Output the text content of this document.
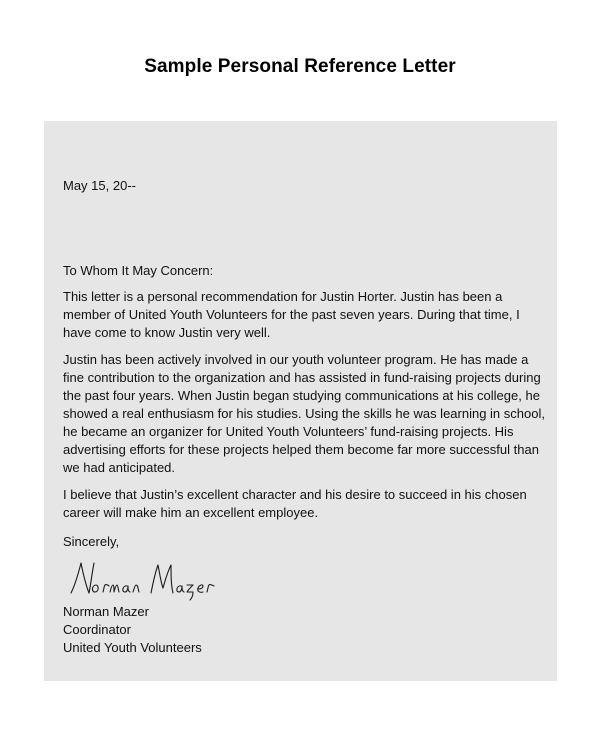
Sample Personal Reference Letter

May 15, 20--

To Whom It May Concern:

This letter is a personal recommendation for Justin Horter. Justin has been a member of United Youth Volunteers for the past seven years. During that time, I have come to know Justin very well.

Justin has been actively involved in our youth volunteer program. He has made a fine contribution to the organization and has assisted in fund-raising projects during the past four years. When Justin began studying communications at his college, he showed a real enthusiasm for his studies. Using the skills he was learning in school, he became an organizer for United Youth Volunteers’ fund-raising projects. His advertising efforts for these projects helped them become far more successful than we had anticipated.

I believe that Justin’s excellent character and his desire to succeed in his chosen career will make him an excellent employee.

Sincerely,

Norman Mazer

Coordinator

United Youth Volunteers
